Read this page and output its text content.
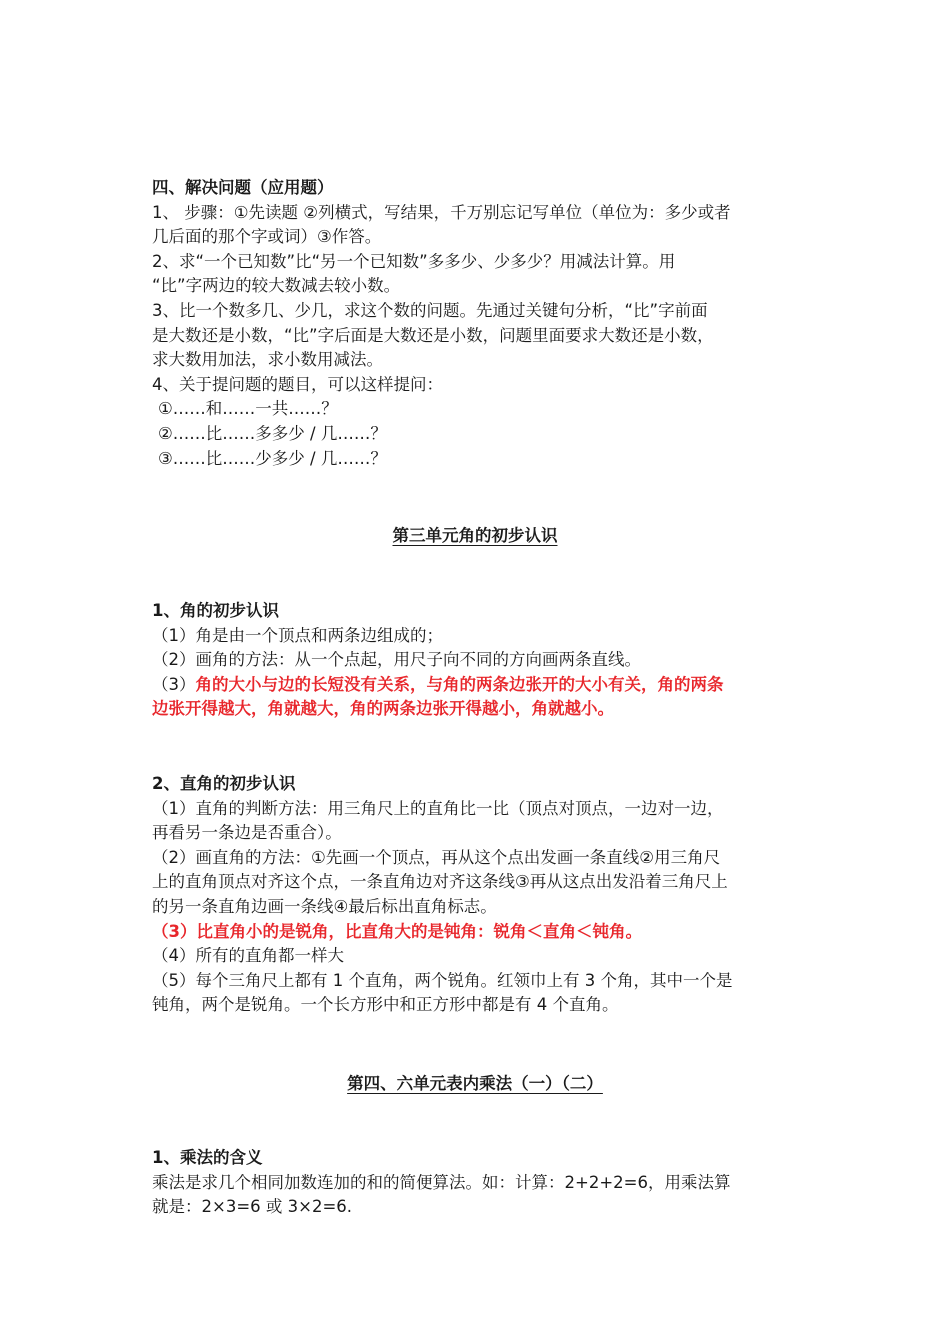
四、解决问题（应用题）
1、 步骤：①先读题 ②列横式，写结果，千万别忘记写单位（单位为：多少或者
几后面的那个字或词）③作答。
2、求“一个已知数”比“另一个已知数”多多少、少多少？用减法计算。用
“比”字两边的较大数减去较小数。
3、比一个数多几、少几，求这个数的问题。先通过关键句分析，“比”字前面
是大数还是小数，“比”字后面是大数还是小数，问题里面要求大数还是小数，
求大数用加法，求小数用减法。
4、关于提问题的题目，可以这样提问：
①……和……一共……？
②……比……多多少 / 几……？
③……比……少多少 / 几……？
第三单元角的初步认识
1、角的初步认识
（1）角是由一个顶点和两条边组成的；
（2）画角的方法：从一个点起，用尺子向不同的方向画两条直线。
（3）角的大小与边的长短没有关系，与角的两条边张开的大小有关，角的两条
边张开得越大，角就越大，角的两条边张开得越小，角就越小。
2、直角的初步认识
（1）直角的判断方法：用三角尺上的直角比一比（顶点对顶点，一边对一边，
再看另一条边是否重合）。
（2）画直角的方法：①先画一个顶点，再从这个点出发画一条直线②用三角尺
上的直角顶点对齐这个点，一条直角边对齐这条线③再从这点出发沿着三角尺上
的另一条直角边画一条线④最后标出直角标志。
（3）比直角小的是锐角，比直角大的是钝角：锐角＜直角＜钝角。
（4）所有的直角都一样大
（5）每个三角尺上都有 1 个直角，两个锐角。红领巾上有 3 个角，其中一个是
钝角，两个是锐角。一个长方形中和正方形中都是有 4 个直角。
第四、六单元表内乘法（一）（二）
1、乘法的含义
乘法是求几个相同加数连加的和的简便算法。如：计算：2+2+2=6，用乘法算
就是：2×3=6 或 3×2=6.
